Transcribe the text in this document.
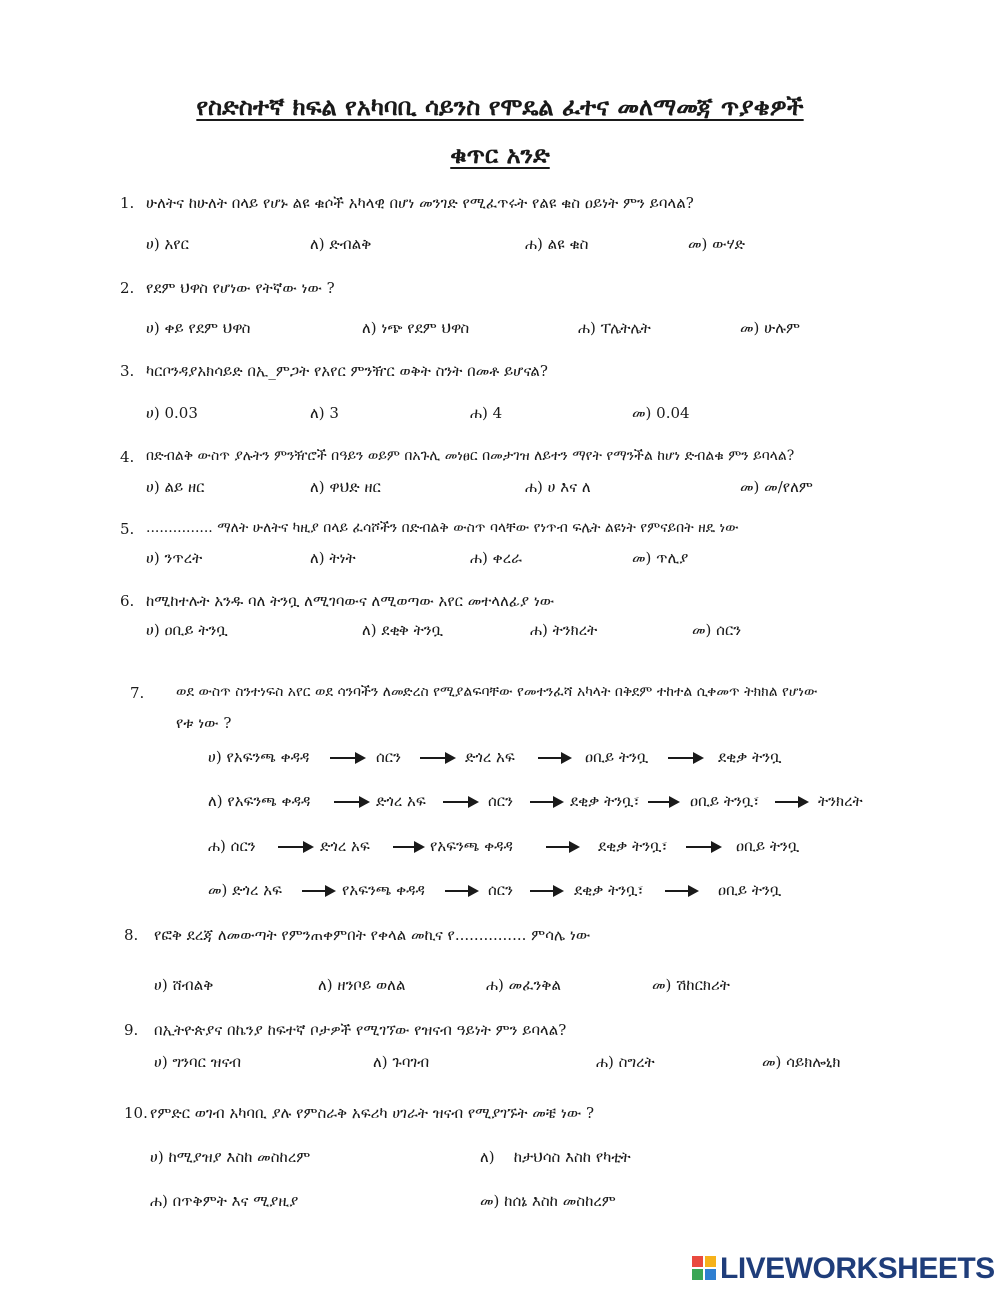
የስድስተኛ ክፍል የአካባቢ ሳይንስ የሞዴል ፈተና መለማመጃ ጥያቄዎች
ቁጥር አንድ
1. ሁለትና ከሁለት በላይ የሆኑ ልዩ ቁሶች አካላዊ በሆነ መንገድ የሚፈጥሩት የልዩ ቁስ ዐይነት ምን ይባላል?
ሀ) አየር	ለ) ድብልቅ	ሐ) ልዩ ቁስ	መ) ውሃድ
2. የደም ህዋስ የሆነው የትኛው ነው ?
ሀ) ቀይ የደም ህዋስ	ለ) ነጭ የደም ህዋስ	ሐ) ፐሌትሌት	መ) ሁሉም
3. ካርቦንዳያአክሳይድ በኢ_ምጋት የአየር ምንዥር ወቅት ስንት በመቶ ይሆናል?
ሀ) 0.03	ለ) 3	ሐ) 4	መ) 0.04
4. በድብልቅ ውስጥ ያሉትን ምንዥሮች በዓይን ወይም በአጉሊ መነፀር በመታገዝ ለይተን ማየት የማንችል ከሆነ ድብልቁ ምን ይባላል?
ሀ) ልይ ዘር	ለ) ዋህድ ዘር	ሐ) ሀ እና ለ	መ) መ/የለም
5. ............... ማለት ሁለትና ካዚያ በላይ ፈሳሾችን በድብልቅ ውስጥ ባላቸው የነጥብ ፍሌት ልዩነት የምናይበት ዘዴ ነው
ሀ) ንጥረት	ለ) ትነት	ሐ) ቀረራ	መ) ጥሊያ
6. ከሚከተሉት አንዱ ባለ ትንቧ ለሚገባውና ለሚወጣው አየር መተላለፊያ ነው
ሀ) ዐቢይ ትንቧ	ለ) ደቂቅ ትንቧ	ሐ) ትንክረት	መ) ሰርን
7. ወደ ውስጥ ስንተነፍስ አየር ወደ ሳንባችን ለመድረስ የሚያልፍባቸው የመተንፈሻ አካላት በቅደም ተከተል ሲቀመጥ ትክክል የሆነው
የቱ ነው ?
ሀ) የአፍንጫ ቀዳዳ	ሰርን	ድጎረ አፍ	ዐቢይ ትንቧ	ደቂቃ ትንቧ
ለ) የአፍንጫ ቀዳዳ	ድጎረ አፍ	ሰርን	ደቂቃ ትንቧ፣	ዐቢይ ትንቧ፣	ትንክረት
ሐ) ሰርን	ድጎረ አፍ	የአፍንጫ ቀዳዳ	ደቂቃ ትንቧ፣	ዐቢይ ትንቧ
መ) ድጎረ አፍ	የአፍንጫ ቀዳዳ	ሰርን	ደቂቃ ትንቧ፣	ዐቢይ ትንቧ
8. የፎቅ ደረጃ ለመውጣት የምንጠቀምበት የቀላል መኪና የ............... ምሳሌ ነው
ሀ) ሸብልቅ	ለ) ዘንቦይ ወለል	ሐ) መፈንቅል	መ) ሽከርክሪት
9. በኢትዮጵያና በኬንያ ከፍተኛ ቦታዎች የሚገኘው የዝናብ ዓይነት ምን ይባላል?
ሀ) ግንባር ዝናብ	ለ) ጉባገብ	ሐ) ስግረት	መ) ሳይክሎኒክ
10. የምድር ወገብ አካባቢ ያሉ የምስራቅ አፍሪካ ሀገራት ዝናብ የሚያገኙት መቼ ነው ?
ሀ) ከሚያዝያ እስከ መስከረም	ለ)    ከታህሳስ እስከ የካቲት
ሐ) በጥቅምት እና ሚያዚያ	መ) ከሰኔ እስከ መስከረም
LIVEWORKSHEETS
